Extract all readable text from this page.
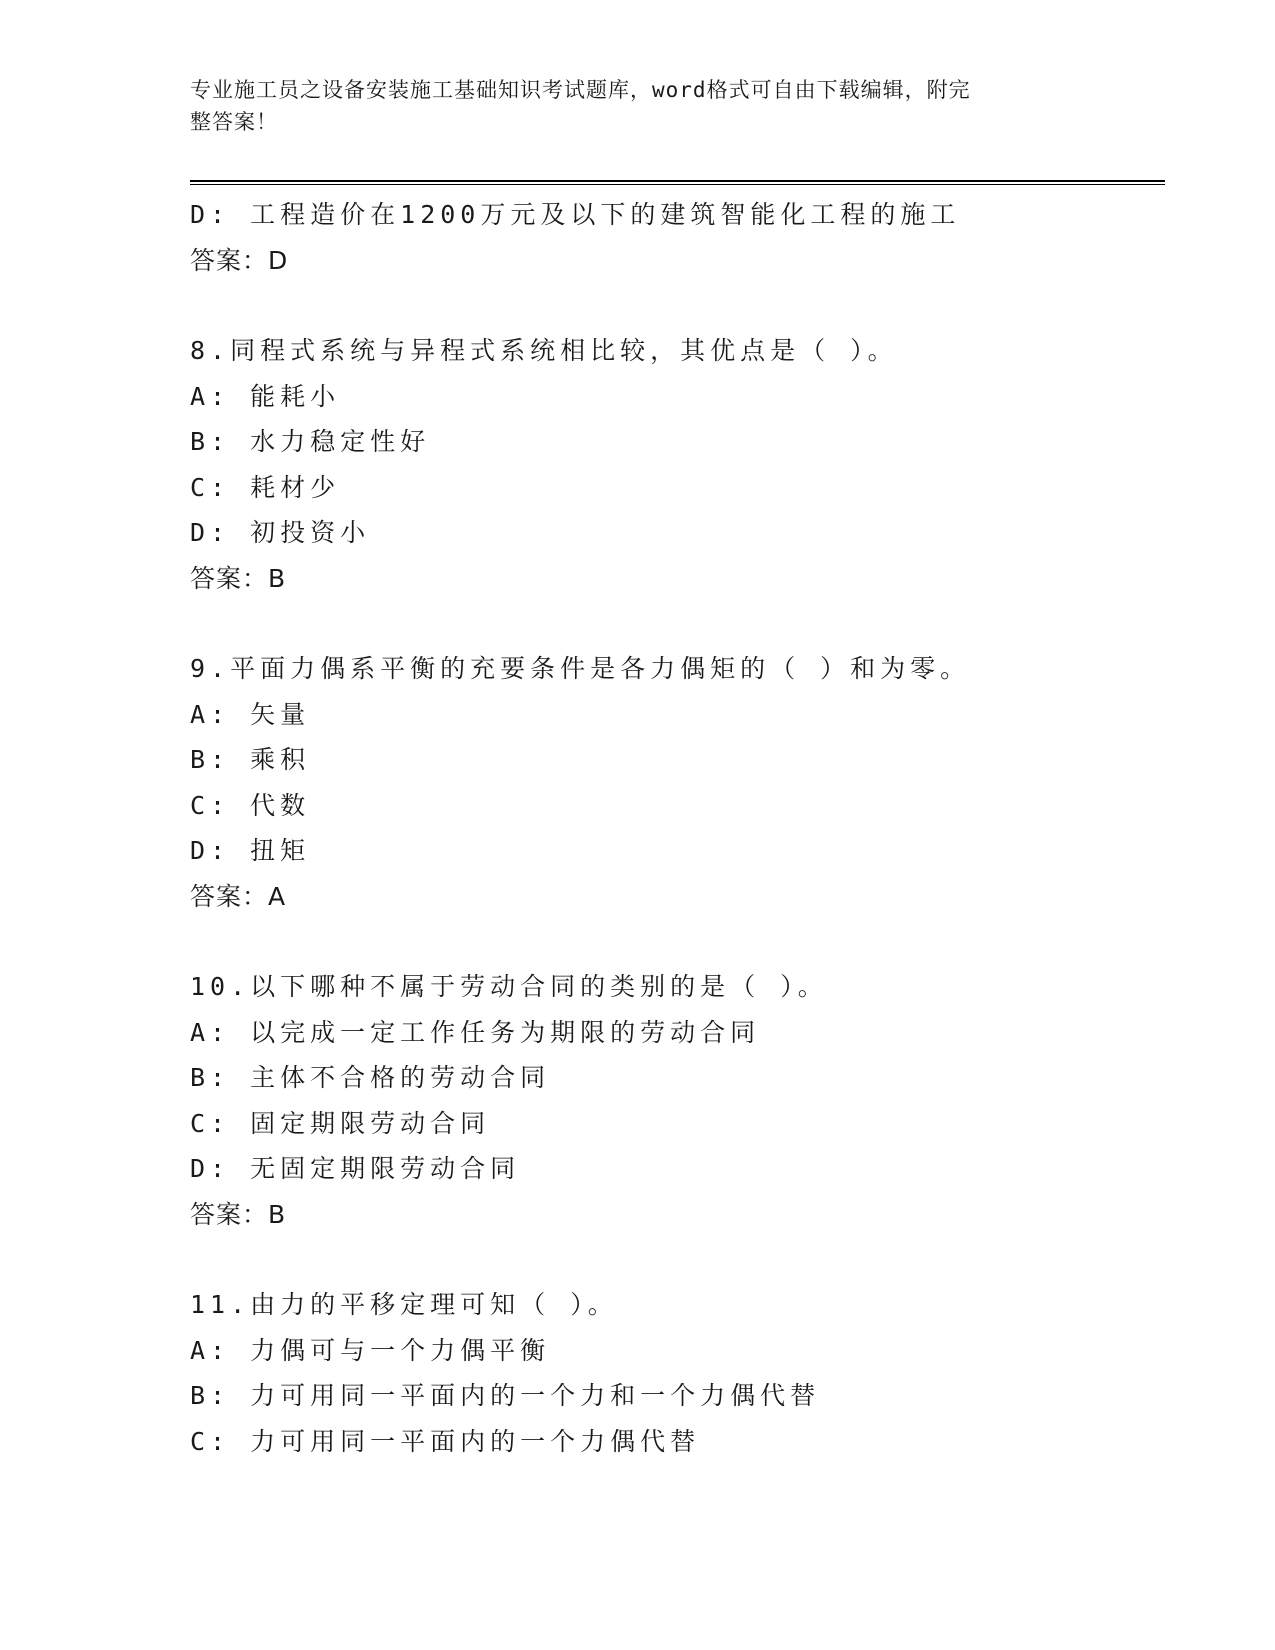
专业施工员之设备安装施工基础知识考试题库，word格式可自由下载编辑，附完
整答案！
D: 工程造价在1200万元及以下的建筑智能化工程的施工
答案：D
8.同程式系统与异程式系统相比较，其优点是（ ）。
A: 能耗小
B: 水力稳定性好
C: 耗材少
D: 初投资小
答案：B
9.平面力偶系平衡的充要条件是各力偶矩的（ ）和为零。
A: 矢量
B: 乘积
C: 代数
D: 扭矩
答案：A
10.以下哪种不属于劳动合同的类别的是（ ）。
A: 以完成一定工作任务为期限的劳动合同
B: 主体不合格的劳动合同
C: 固定期限劳动合同
D: 无固定期限劳动合同
答案：B
11.由力的平移定理可知（ ）。
A: 力偶可与一个力偶平衡
B: 力可用同一平面内的一个力和一个力偶代替
C: 力可用同一平面内的一个力偶代替
